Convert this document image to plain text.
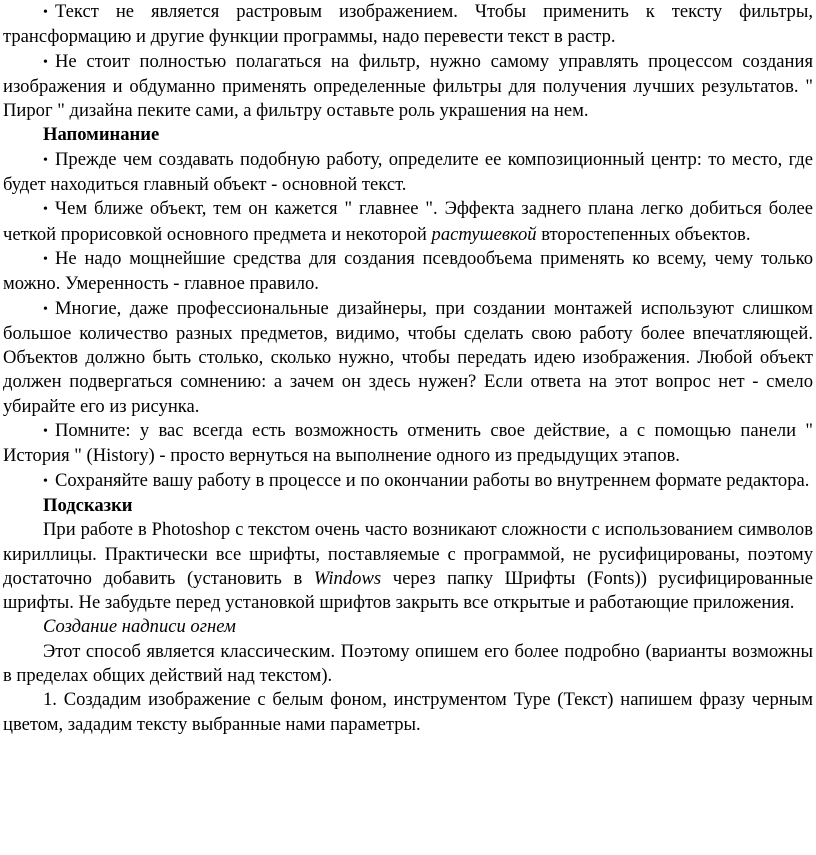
• Текст не является растровым изображением. Чтобы применить к тексту фильтры, трансформацию и другие функции программы, надо перевести текст в растр.

• Не стоит полностью полагаться на фильтр, нужно самому управлять процессом создания изображения и обдуманно применять определенные фильтры для получения лучших результатов. " Пирог " дизайна пеките сами, а фильтру оставьте роль украшения на нем.

Напоминание

• Прежде чем создавать подобную работу, определите ее композиционный центр: то место, где будет находиться главный объект - основной текст.

• Чем ближе объект, тем он кажется " главнее ". Эффекта заднего плана легко добиться более четкой прорисовкой основного предмета и некоторой растушевкой второстепенных объектов.

• Не надо мощнейшие средства для создания псевдообъема применять ко всему, чему только можно. Умеренность - главное правило.

• Многие, даже профессиональные дизайнеры, при создании монтажей используют слишком большое количество разных предметов, видимо, чтобы сделать свою работу более впечатляющей. Объектов должно быть столько, сколько нужно, чтобы передать идею изображения. Любой объект должен подвергаться сомнению: а зачем он здесь нужен? Если ответа на этот вопрос нет - смело убирайте его из рисунка.

• Помните: у вас всегда есть возможность отменить свое действие, а с помощью панели " История " (History) - просто вернуться на выполнение одного из предыдущих этапов.

• Сохраняйте вашу работу в процессе и по окончании работы во внутреннем формате редактора.

Подсказки

При работе в Photoshop с текстом очень часто возникают сложности с использованием символов кириллицы. Практически все шрифты, поставляемые с программой, не русифицированы, поэтому достаточно добавить (установить в Windows через папку Шрифты (Fonts)) русифицированные шрифты. Не забудьте перед установкой шрифтов закрыть все открытые и работающие приложения.

Создание надписи огнем

Этот способ является классическим. Поэтому опишем его более подробно (варианты возможны в пределах общих действий над текстом).

1. Создадим изображение с белым фоном, инструментом Type (Текст) напишем фразу черным цветом, зададим тексту выбранные нами параметры.
